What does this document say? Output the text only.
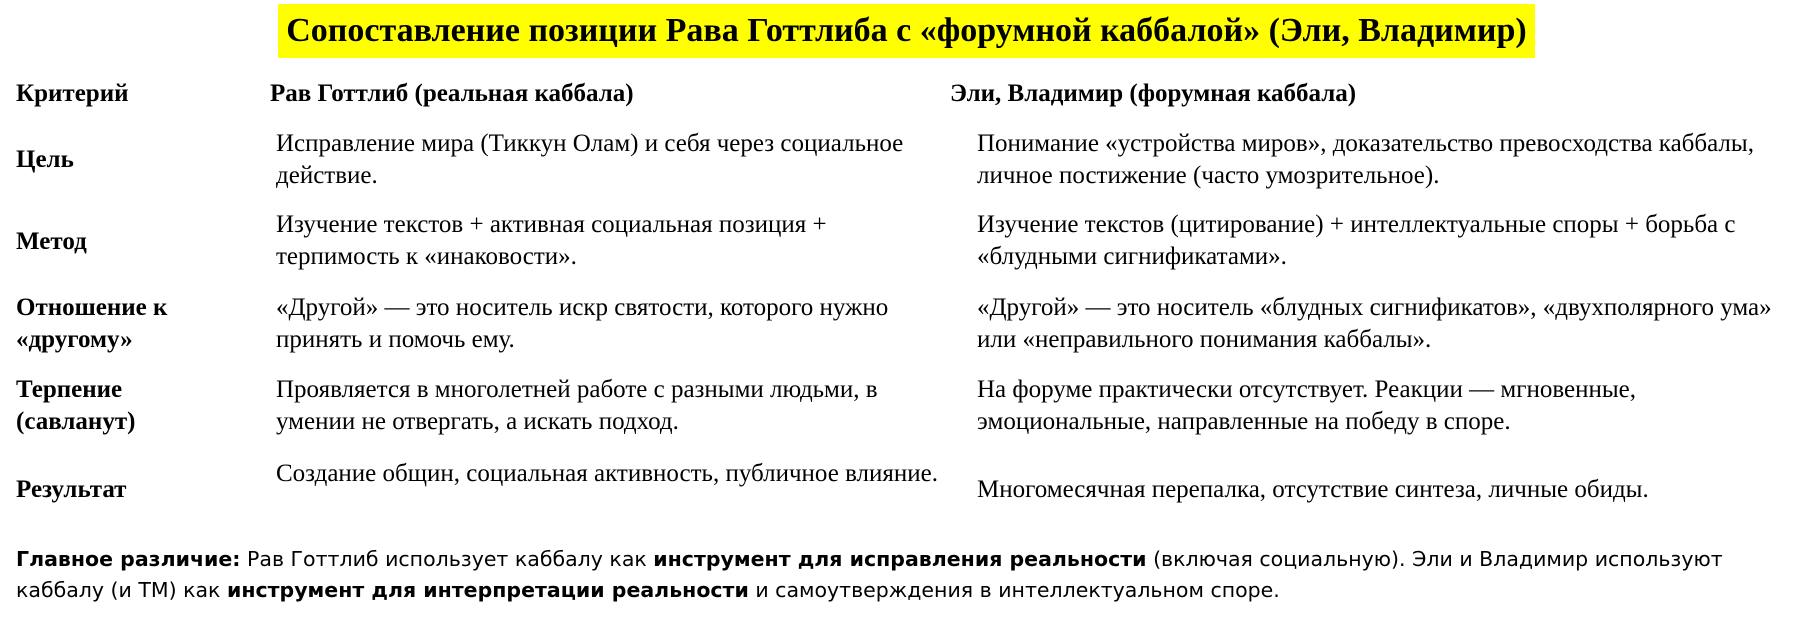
Сопоставление позиции Рава Готтлиба с «форумной каббалой» (Эли, Владимир)
Критерий	Рав Готтлиб (реальная каббала)	Эли, Владимир (форумная каббала)
Цель
Исправление мира (Тиккун Олам) и себя через социальное действие.
Понимание «устройства миров», доказательство превосходства каббалы, личное постижение (часто умозрительное).
Метод
Изучение текстов + активная социальная позиция + терпимость к «инаковости».
Изучение текстов (цитирование) + интеллектуальные споры + борьба с «блудными сигнификатами».
Отношение к «другому»
«Другой» — это носитель искр святости, которого нужно принять и помочь ему.
«Другой» — это носитель «блудных сигнификатов», «двухполярного ума» или «неправильного понимания каббалы».
Терпение (савланут)
Проявляется в многолетней работе с разными людьми, в умении не отвергать, а искать подход.
На форуме практически отсутствует. Реакции — мгновенные, эмоциональные, направленные на победу в споре.
Результат
Создание общин, социальная активность, публичное влияние.
Многомесячная перепалка, отсутствие синтеза, личные обиды.
Главное различие: Рав Готтлиб использует каббалу как инструмент для исправления реальности (включая социальную). Эли и Владимир используют каббалу (и ТМ) как инструмент для интерпретации реальности и самоутверждения в интеллектуальном споре.
